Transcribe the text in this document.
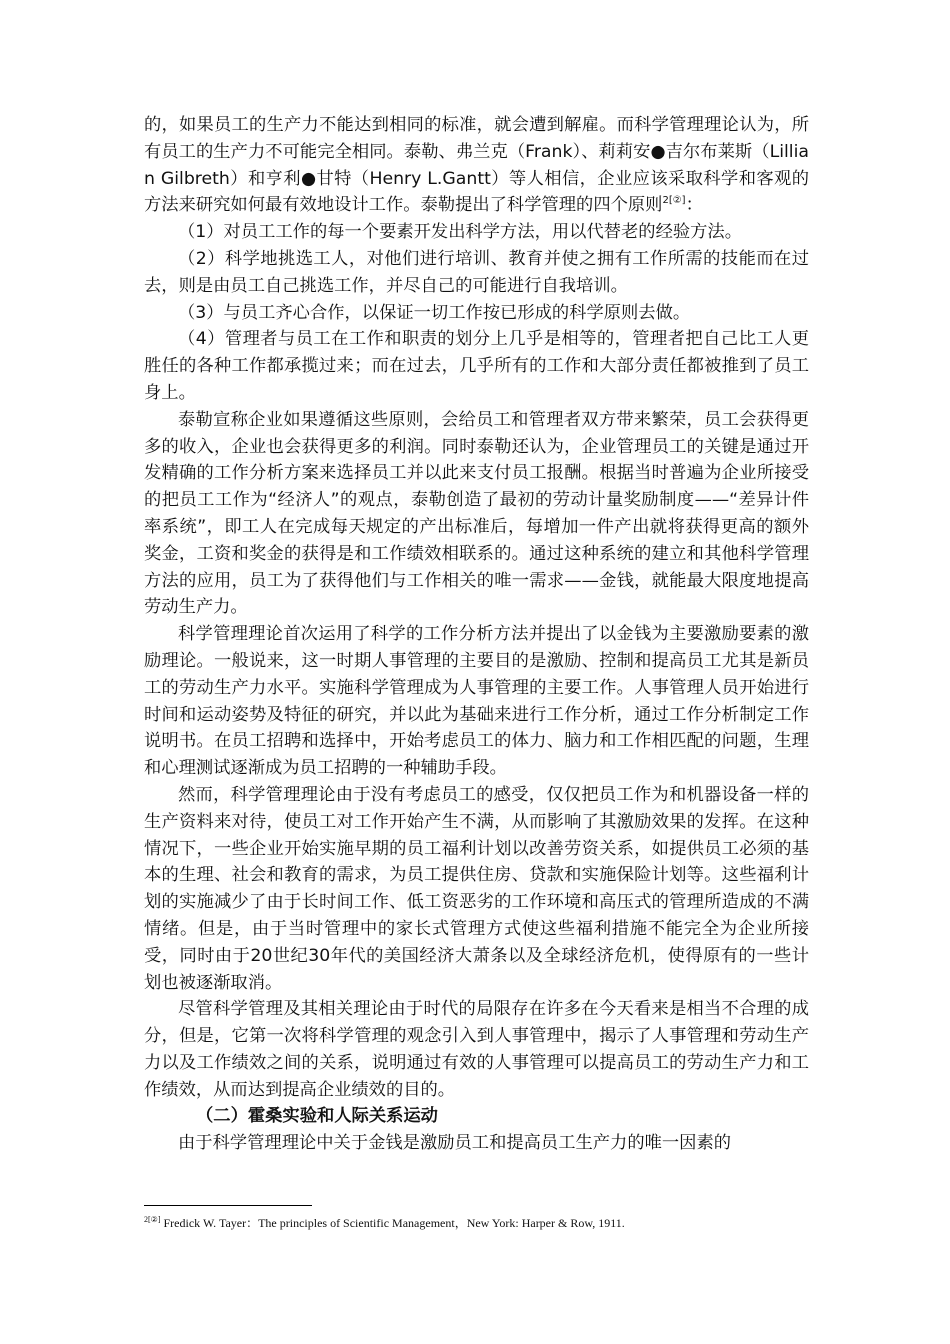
的，如果员工的生产力不能达到相同的标准，就会遭到解雇。而科学管理理论认为，所有员工的生产力不可能完全相同。泰勒、弗兰克（Frank）、莉莉安●吉尔布莱斯（Lillian Gilbreth）和亨利●甘特（Henry L.Gantt）等人相信，企业应该采取科学和客观的方法来研究如何最有效地设计工作。泰勒提出了科学管理的四个原则$^{2[②]}$：

（1）对员工工作的每一个要素开发出科学方法，用以代替老的经验方法。

（2）科学地挑选工人，对他们进行培训、教育并使之拥有工作所需的技能而在过去，则是由员工自己挑选工作，并尽自己的可能进行自我培训。

（3）与员工齐心合作，以保证一切工作按已形成的科学原则去做。

（4）管理者与员工在工作和职责的划分上几乎是相等的，管理者把自己比工人更胜任的各种工作都承揽过来；而在过去，几乎所有的工作和大部分责任都被推到了员工身上。

泰勒宣称企业如果遵循这些原则，会给员工和管理者双方带来繁荣，员工会获得更多的收入，企业也会获得更多的利润。同时泰勒还认为，企业管理员工的关键是通过开发精确的工作分析方案来选择员工并以此来支付员工报酬。根据当时普遍为企业所接受的把员工工作为“经济人”的观点，泰勒创造了最初的劳动计量奖励制度——“差异计件率系统”，即工人在完成每天规定的产出标准后，每增加一件产出就将获得更高的额外奖金，工资和奖金的获得是和工作绩效相联系的。通过这种系统的建立和其他科学管理方法的应用，员工为了获得他们与工作相关的唯一需求——金钱，就能最大限度地提高劳动生产力。

科学管理理论首次运用了科学的工作分析方法并提出了以金钱为主要激励要素的激励理论。一般说来，这一时期人事管理的主要目的是激励、控制和提高员工尤其是新员工的劳动生产力水平。实施科学管理成为人事管理的主要工作。人事管理人员开始进行时间和运动姿势及特征的研究，并以此为基础来进行工作分析，通过工作分析制定工作说明书。在员工招聘和选择中，开始考虑员工的体力、脑力和工作相匹配的问题，生理和心理测试逐渐成为员工招聘的一种辅助手段。

然而，科学管理理论由于没有考虑员工的感受，仅仅把员工作为和机器设备一样的生产资料来对待，使员工对工作开始产生不满，从而影响了其激励效果的发挥。在这种情况下，一些企业开始实施早期的员工福利计划以改善劳资关系，如提供员工必须的基本的生理、社会和教育的需求，为员工提供住房、贷款和实施保险计划等。这些福利计划的实施减少了由于长时间工作、低工资恶劣的工作环境和高压式的管理所造成的不满情绪。但是，由于当时管理中的家长式管理方式使这些福利措施不能完全为企业所接受，同时由于20世纪30年代的美国经济大萧条以及全球经济危机，使得原有的一些计划也被逐渐取消。

尽管科学管理及其相关理论由于时代的局限存在许多在今天看来是相当不合理的成分，但是，它第一次将科学管理的观念引入到人事管理中，揭示了人事管理和劳动生产力以及工作绩效之间的关系，说明通过有效的人事管理可以提高员工的劳动生产力和工作绩效，从而达到提高企业绩效的目的。

（二）霍桑实验和人际关系运动

由于科学管理理论中关于金钱是激励员工和提高员工生产力的唯一因素的

$^{2[②]}$ Fredick W. Tayer：The principles of Scientific Management，New York: Harper & Row, 1911.
